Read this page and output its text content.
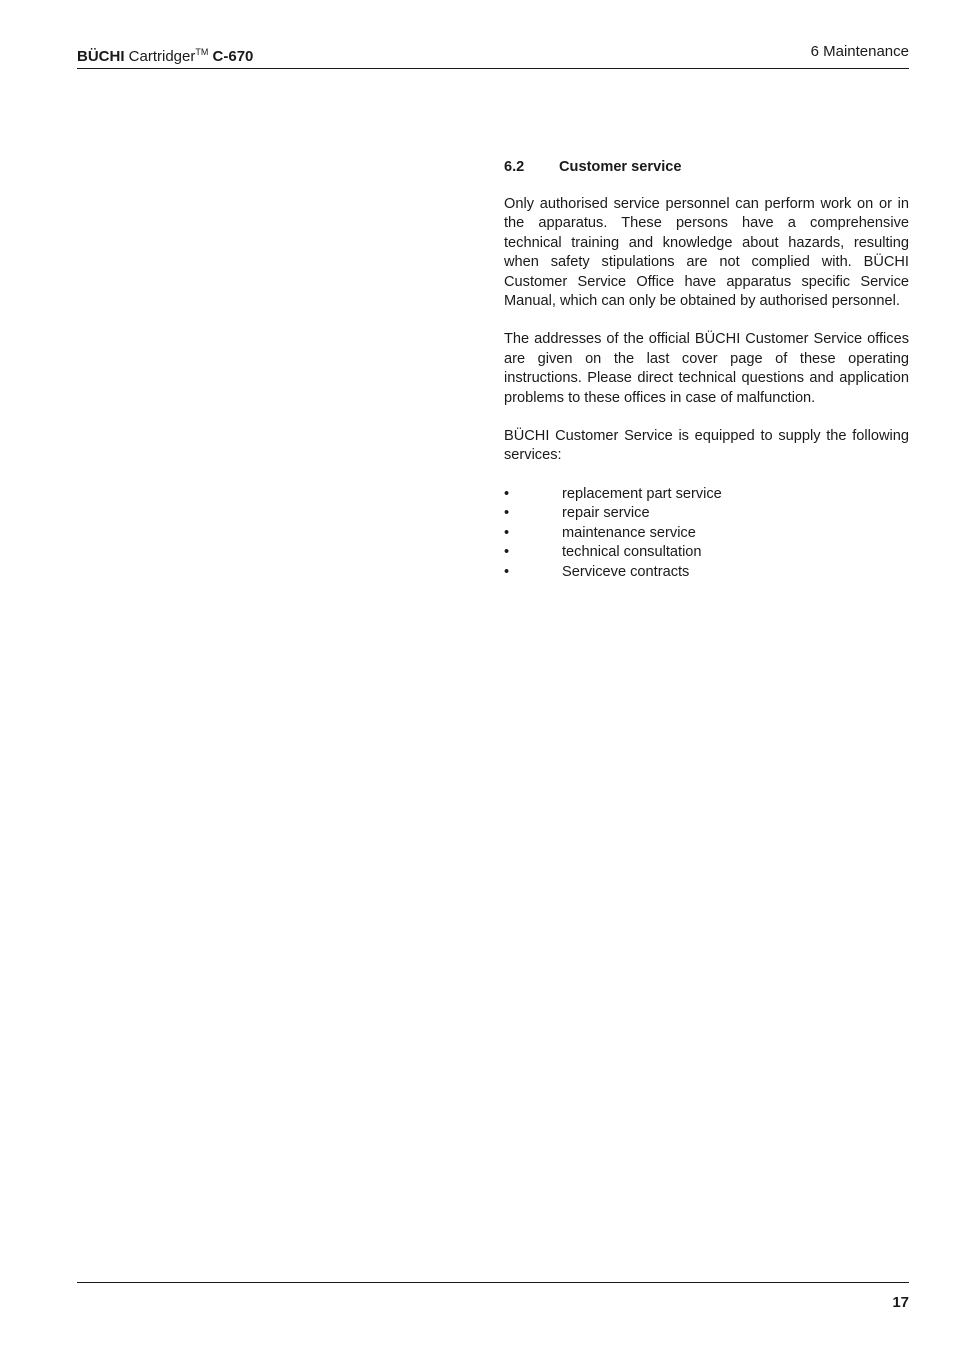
BÜCHI Cartridger™ C-670	6 Maintenance
6.2 Customer service

Only authorised service personnel can perform work on or in the apparatus. These persons have a comprehensive technical training and knowledge about hazards, resulting when safety stipulations are not complied with. BÜCHI Customer Service Office have apparatus specific Service Manual, which can only be obtained by authorised personnel.

The addresses of the official BÜCHI Customer Service offices are given on the last cover page of these operating instructions. Please direct technical questions and application problems to these offices in case of malfunction.

BÜCHI Customer Service is equipped to supply the following services:

•	replacement part service
•	repair service
•	maintenance service
•	technical consultation
•	Serviceve contracts
17
